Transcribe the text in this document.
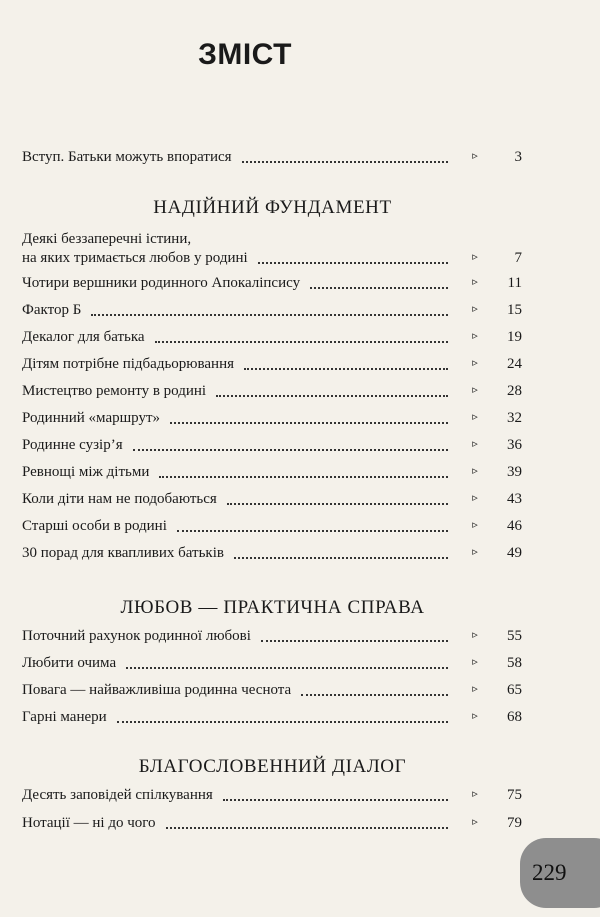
ЗМІСТ
Вступ. Батьки можуть впоратися	▹	3
НАДІЙНИЙ ФУНДАМЕНТ
Деякі беззаперечні істини,
на яких тримається любов у родині	▹	7
Чотири вершники родинного Апокаліпсису	▹	11
Фактор Б	▹	15
Декалог для батька	▹	19
Дітям потрібне підбадьорювання	▹	24
Мистецтво ремонту в родині	▹	28
Родинний «маршрут»	▹	32
Родинне сузір’я	▹	36
Ревнощі між дітьми	▹	39
Коли діти нам не подобаються	▹	43
Старші особи в родині	▹	46
30 порад для квапливих батьків	▹	49
ЛЮБОВ — ПРАКТИЧНА СПРАВА
Поточний рахунок родинної любові	▹	55
Любити очима	▹	58
Повага — найважливіша родинна чеснота	▹	65
Гарні манери	▹	68
БЛАГОСЛОВЕННИЙ ДІАЛОГ
Десять заповідей спілкування	▹	75
Нотації — ні до чого	▹	79
229
